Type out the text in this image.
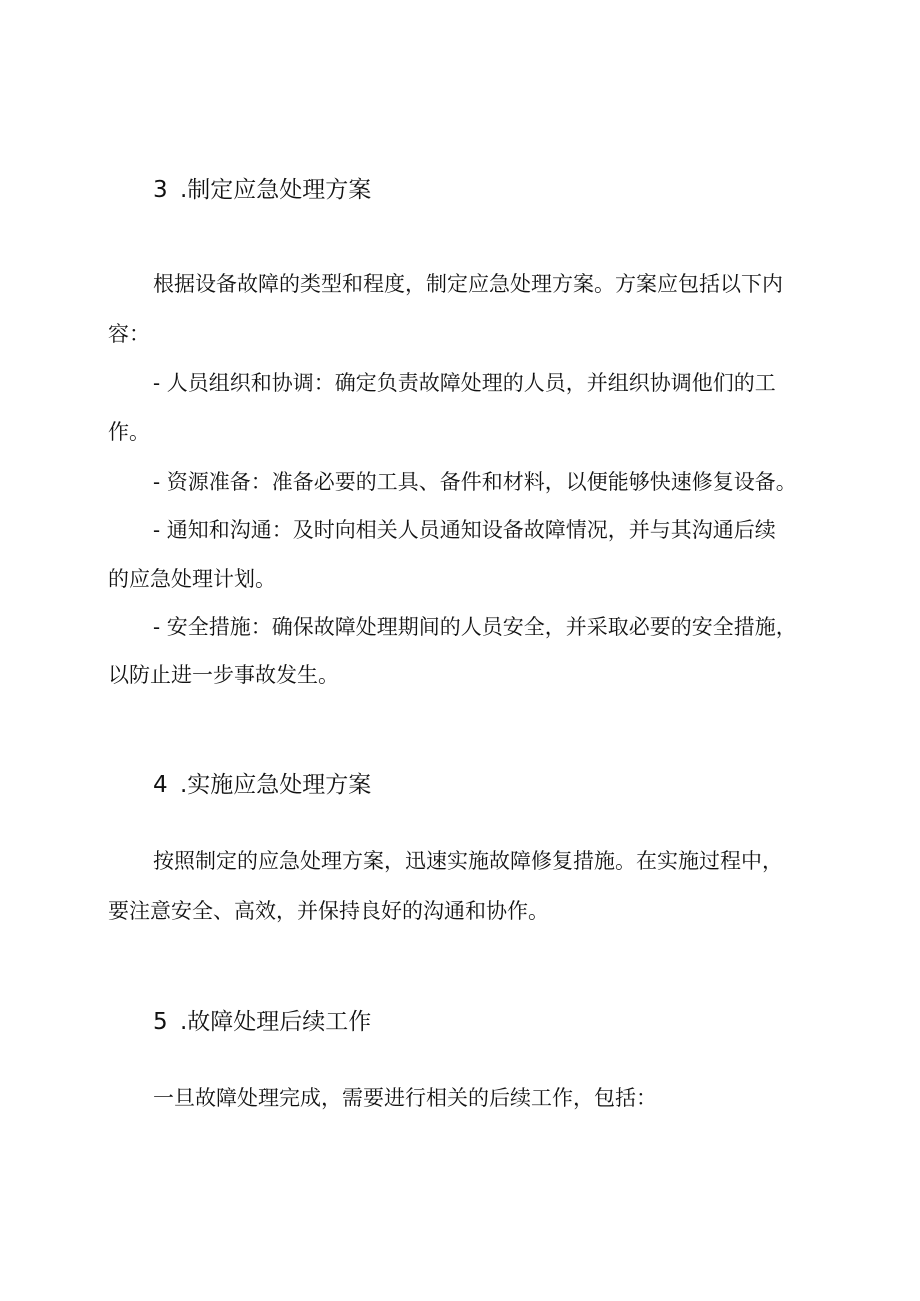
3 .制定应急处理方案

根据设备故障的类型和程度，制定应急处理方案。方案应包括以下内

容：

- 人员组织和协调：确定负责故障处理的人员，并组织协调他们的工

作。

- 资源准备：准备必要的工具、备件和材料，以便能够快速修复设备。

- 通知和沟通：及时向相关人员通知设备故障情况，并与其沟通后续

的应急处理计划。

- 安全措施：确保故障处理期间的人员安全，并采取必要的安全措施，

以防止进一步事故发生。

4 .实施应急处理方案

按照制定的应急处理方案，迅速实施故障修复措施。在实施过程中，

要注意安全、高效，并保持良好的沟通和协作。

5 .故障处理后续工作

一旦故障处理完成，需要进行相关的后续工作，包括：
